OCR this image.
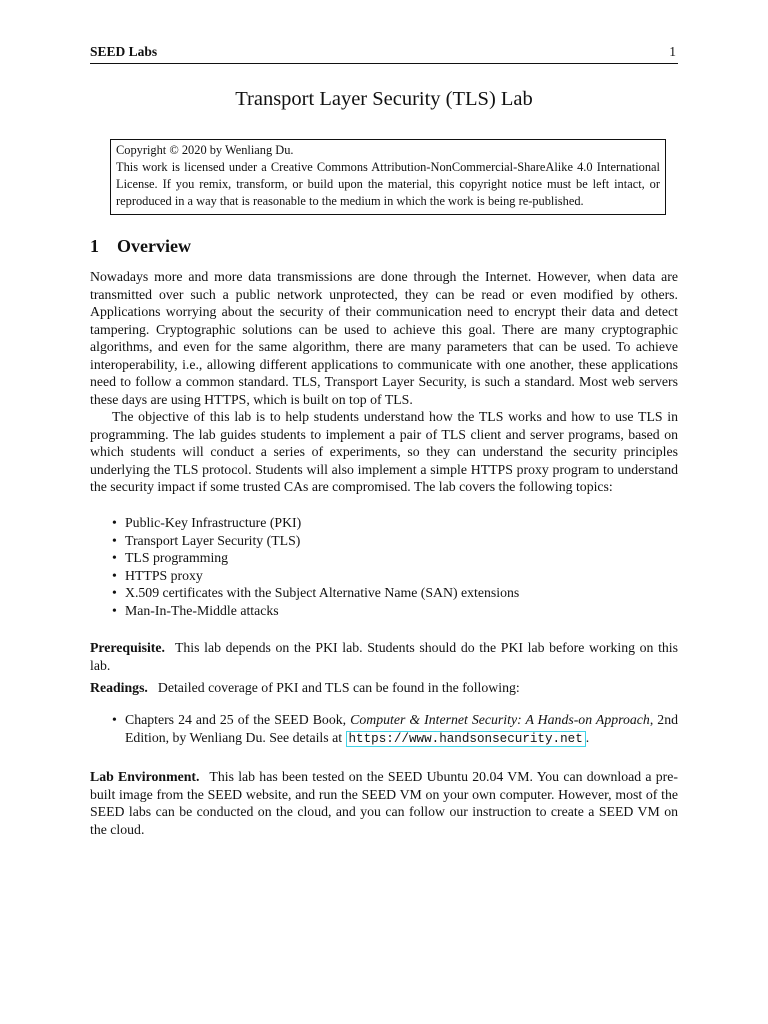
SEED Labs	1
Transport Layer Security (TLS) Lab
Copyright © 2020 by Wenliang Du.
This work is licensed under a Creative Commons Attribution-NonCommercial-ShareAlike 4.0 International License. If you remix, transform, or build upon the material, this copyright notice must be left intact, or reproduced in a way that is reasonable to the medium in which the work is being re-published.
1 Overview

Nowadays more and more data transmissions are done through the Internet. However, when data are transmitted over such a public network unprotected, they can be read or even modified by others. Applications worrying about the security of their communication need to encrypt their data and detect tampering. Cryptographic solutions can be used to achieve this goal. There are many cryptographic algorithms, and even for the same algorithm, there are many parameters that can be used. To achieve interoperability, i.e., allowing different applications to communicate with one another, these applications need to follow a common standard. TLS, Transport Layer Security, is such a standard. Most web servers these days are using HTTPS, which is built on top of TLS.

The objective of this lab is to help students understand how the TLS works and how to use TLS in programming. The lab guides students to implement a pair of TLS client and server programs, based on which students will conduct a series of experiments, so they can understand the security principles underlying the TLS protocol. Students will also implement a simple HTTPS proxy program to understand the security impact if some trusted CAs are compromised. The lab covers the following topics:

• Public-Key Infrastructure (PKI)
• Transport Layer Security (TLS)
• TLS programming
• HTTPS proxy
• X.509 certificates with the Subject Alternative Name (SAN) extensions
• Man-In-The-Middle attacks

Prerequisite. This lab depends on the PKI lab. Students should do the PKI lab before working on this lab.

Readings. Detailed coverage of PKI and TLS can be found in the following:

• Chapters 24 and 25 of the SEED Book, Computer & Internet Security: A Hands-on Approach, 2nd Edition, by Wenliang Du. See details at https://www.handsonsecurity.net .

Lab Environment. This lab has been tested on the SEED Ubuntu 20.04 VM. You can download a pre-built image from the SEED website, and run the SEED VM on your own computer. However, most of the SEED labs can be conducted on the cloud, and you can follow our instruction to create a SEED VM on the cloud.
